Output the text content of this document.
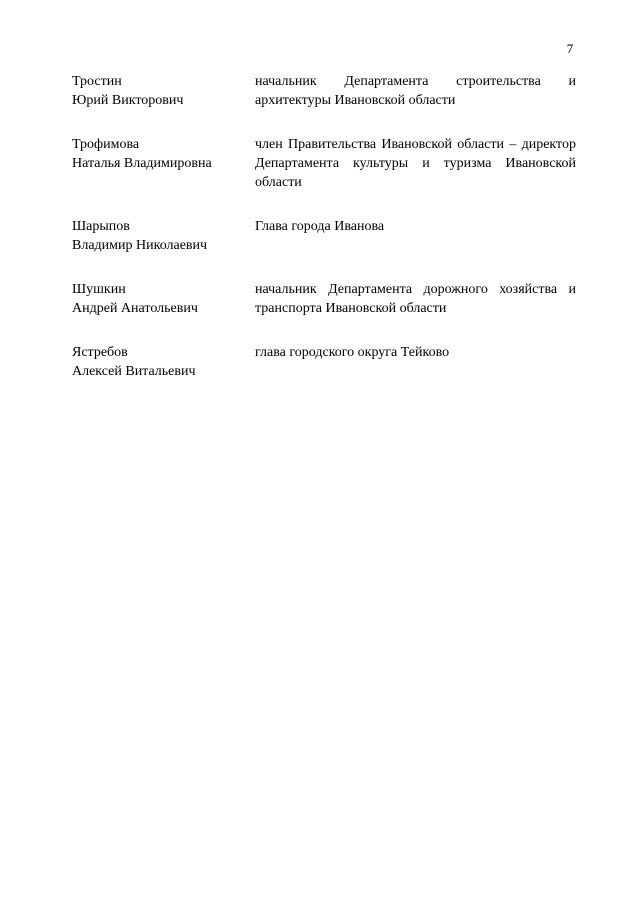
7
Тростин
Юрий Викторович
начальник Департамента строительства и архитектуры Ивановской области
Трофимова
Наталья Владимировна
член Правительства Ивановской области – директор Департамента культуры и туризма Ивановской области
Шарыпов
Владимир Николаевич
Глава города Иванова
Шушкин
Андрей Анатольевич
начальник Департамента дорожного хозяйства и транспорта Ивановской области
Ястребов
Алексей Витальевич
глава городского округа Тейково
